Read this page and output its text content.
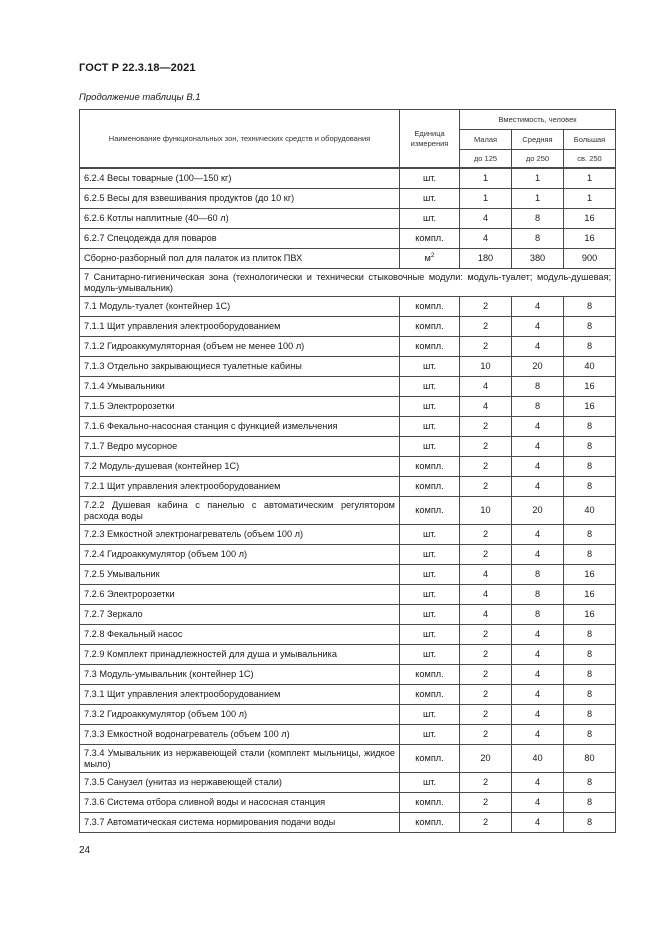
ГОСТ Р 22.3.18—2021
Продолжение таблицы В.1
Наименование функциональных зон, технических средств и оборудования	Единица измерения	Вместимость, человек		
		Малая	Средняя	Большая
		до 125	до 250	св. 250
6.2.4 Весы товарные (100—150 кг)	шт.	1	1	1
6.2.5 Весы для взвешивания продуктов (до 10 кг)	шт.	1	1	1
6.2.6 Котлы наплитные (40—60 л)	шт.	4	8	16
6.2.7 Спецодежда для поваров	компл.	4	8	16
Сборно-разборный пол для палаток из плиток ПВХ	$м^2$	180	380	900
7 Санитарно-гигиеническая зона (технологически и технически стыковочные модули: модуль-туалет; модуль-душевая; модуль-умывальник)				
7.1 Модуль-туалет (контейнер 1С)	компл.	2	4	8
7.1.1 Щит управления электрооборудованием	компл.	2	4	8
7.1.2 Гидроаккумуляторная (объем не менее 100 л)	компл.	2	4	8
7.1.3 Отдельно закрывающиеся туалетные кабины	шт.	10	20	40
7.1.4 Умывальники	шт.	4	8	16
7.1.5 Электророзетки	шт.	4	8	16
7.1.6 Фекально-насосная станция с функцией измельчения	шт.	2	4	8
7.1.7 Ведро мусорное	шт.	2	4	8
7.2 Модуль-душевая (контейнер 1С)	компл.	2	4	8
7.2.1 Щит управления электрооборудованием	компл.	2	4	8
7.2.2 Душевая кабина с панелью с автоматическим регулятором расхода воды	компл.	10	20	40
7.2.3 Емкостной электронагреватель (объем 100 л)	шт.	2	4	8
7.2.4 Гидроаккумулятор (объем 100 л)	шт.	2	4	8
7.2.5 Умывальник	шт.	4	8	16
7.2.6 Электророзетки	шт.	4	8	16
7.2.7 Зеркало	шт.	4	8	16
7.2.8 Фекальный насос	шт.	2	4	8
7.2.9 Комплект принадлежностей для душа и умывальника	шт.	2	4	8
7.3 Модуль-умывальник (контейнер 1С)	компл.	2	4	8
7.3.1 Щит управления электрооборудованием	компл.	2	4	8
7.3.2 Гидроаккумулятор (объем 100 л)	шт.	2	4	8
7.3.3 Емкостной водонагреватель (объем 100 л)	шт.	2	4	8
7.3.4 Умывальник из нержавеющей стали (комплект мыльницы, жидкое мыло)	компл.	20	40	80
7.3.5 Санузел (унитаз из нержавеющей стали)	шт.	2	4	8
7.3.6 Система отбора сливной воды и насосная станция	компл.	2	4	8
7.3.7 Автоматическая система нормирования подачи воды	компл.	2	4	8
24
